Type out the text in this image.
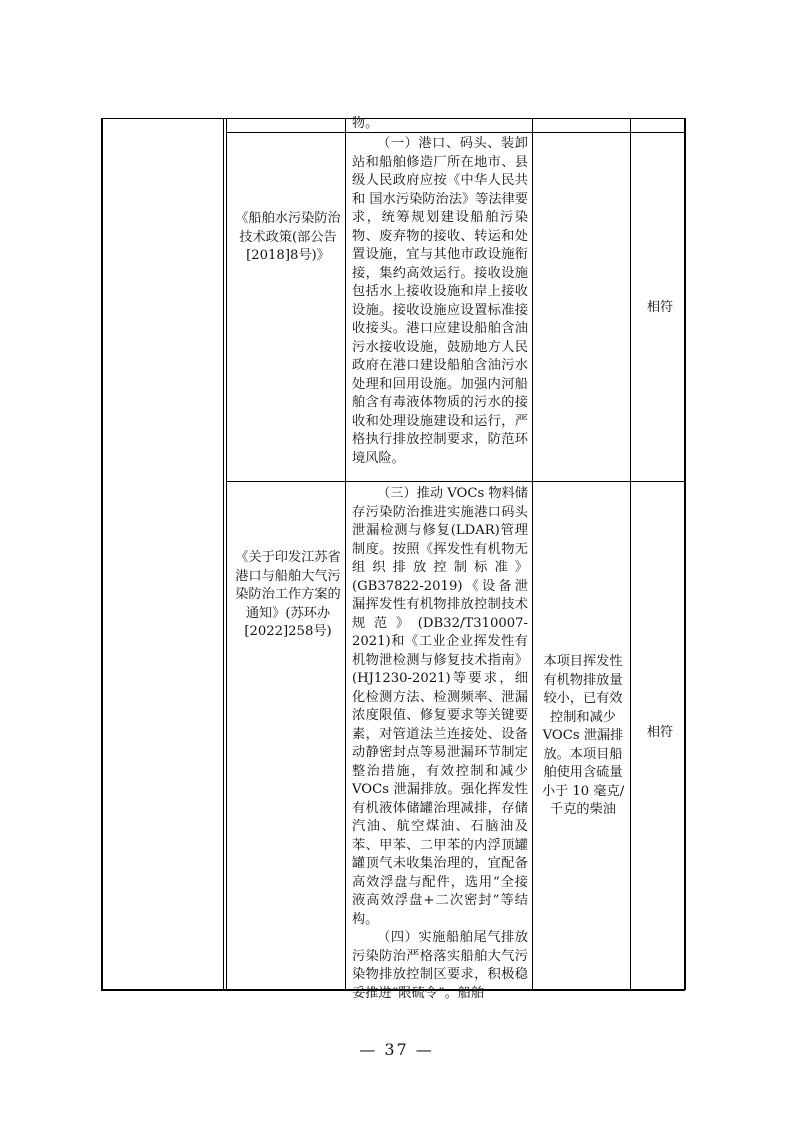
物。

《船舶水污染防治技术政策(部公告[2018]8号)》

（一）港口、码头、装卸站和船舶修造厂所在地市、县级人民政府应按《中华人民共和 国水污染防治法》等法律要求，统筹规划建设船舶污染物、废弃物的接收、转运和处置设施，宜与其他市政设施衔接，集约高效运行。接收设施包括水上接收设施和岸上接收设施。接收设施应设置标准接收接头。港口应建设船舶含油污水接收设施，鼓励地方人民政府在港口建设船舶含油污水处理和回用设施。加强内河船舶含有毒液体物质的污水的接收和处理设施建设和运行，严格执行排放控制要求，防范环境风险。

相符
《关于印发江苏省港口与船舶大气污染防治工作方案的通知》(苏环办[2022]258号)

（三）推动 VOCs 物料储存污染防治推进实施港口码头泄漏检测与修复(LDAR)管理制度。按照《挥发性有机物无组织排放控制标准》(GB37822-2019)《设备泄漏挥发性有机物排放控制技术规范》(DB32/T310007-2021)和《工业企业挥发性有机物泄检测与修复技术指南》(HJ1230-2021)等要求，细化检测方法、检测频率、泄漏浓度限值、修复要求等关键要素，对管道法兰连接处、设备动静密封点等易泄漏环节制定 整治措施，有效控制和减少 VOCs 泄漏排放。强化挥发性有机液体储罐治理减排，存储汽油、航空煤油、石脑油及苯、甲苯、二甲苯的内浮顶罐罐顶气未收集治理的，宜配备高效浮盘与配件，选用“全接液高效浮盘+二次密封”等结构。

（四）实施船舶尾气排放污染防治严格落实船舶大气污染物排放控制区要求，积极稳妥推进“限硫令”。船舶

本项目挥发性有机物排放量较小，已有效控制和减少 VOCs 泄漏排放。本项目船舶使用含硫量小于 10 毫克/千克的柴油
相符
— 37 —
